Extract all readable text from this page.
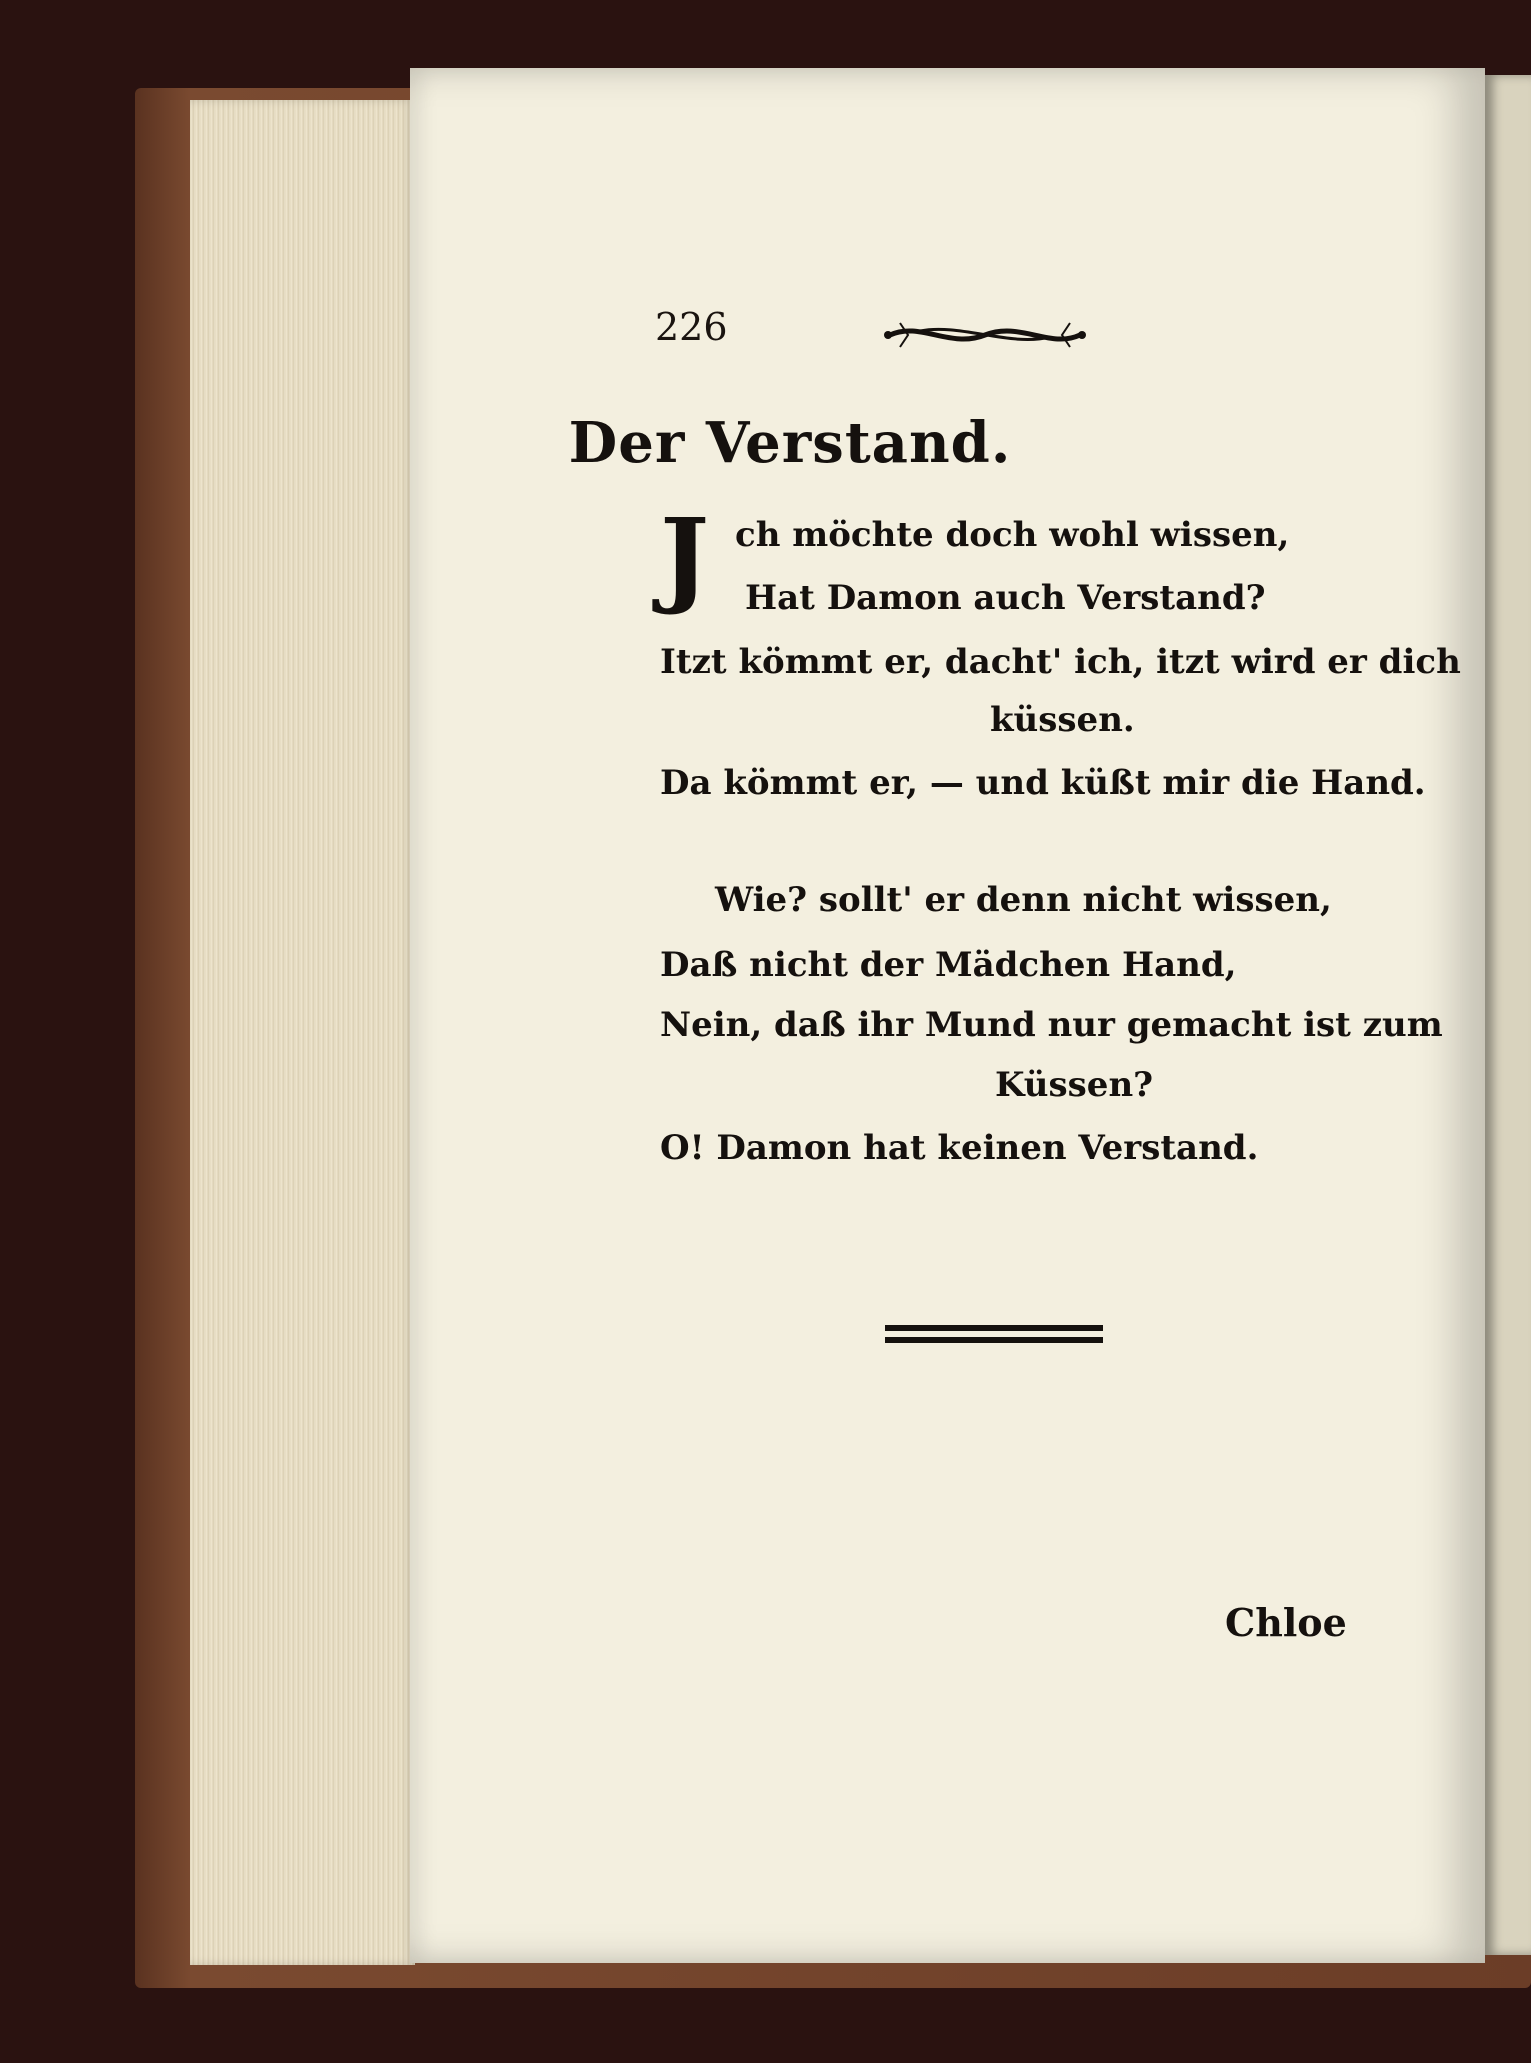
226
Der Verstand.
J ch möchte doch wohl wissen,
Hat Damon auch Verstand?
Itzt kömmt er, dacht' ich, itzt wird er dich
küssen.
Da kömmt er, — und küßt mir die Hand.
Wie? sollt' er denn nicht wissen,
Daß nicht der Mädchen Hand,
Nein, daß ihr Mund nur gemacht ist zum
Küssen?
O! Damon hat keinen Verstand.
Chloe
